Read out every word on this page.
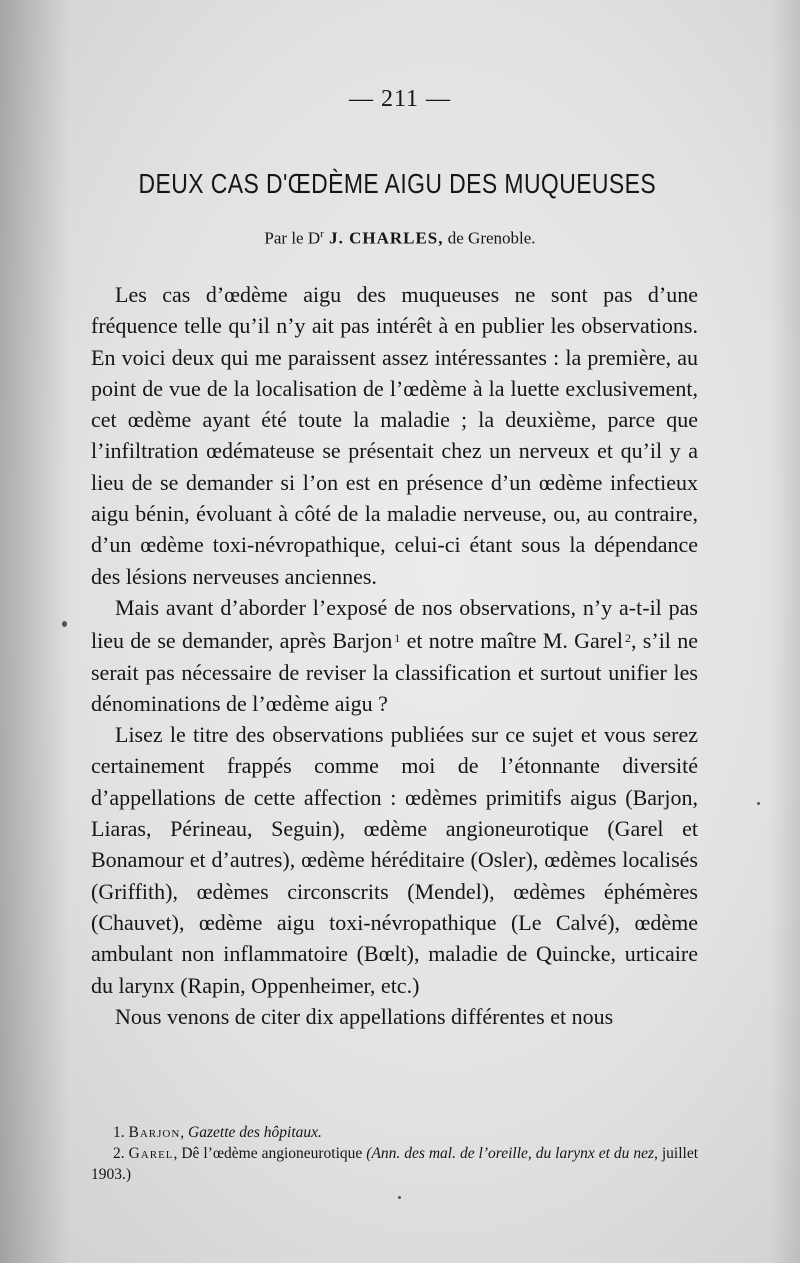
— 211 —
DEUX CAS D'ŒDÈME AIGU DES MUQUEUSES
Par le $D^r$ J. CHARLES, de Grenoble.

Les cas d’œdème aigu des muqueuses ne sont pas d’une fréquence telle qu’il n’y ait pas intérêt à en publier les observations. En voici deux qui me paraissent assez intéressantes : la première, au point de vue de la localisation de l’œdème à la luette exclusivement, cet œdème ayant été toute la maladie ; la deuxième, parce que l’infiltration œdémateuse se présentait chez un nerveux et qu’il y a lieu de se demander si l’on est en présence d’un œdème infectieux aigu bénin, évoluant à côté de la maladie nerveuse, ou, au contraire, d’un œdème toxi-névropathique, celui-ci étant sous la dépendance des lésions nerveuses anciennes.

Mais avant d’aborder l’exposé de nos observations, n’y a-t-il pas lieu de se demander, après Barjon $^1$ et notre maître M. Garel $^2$, s’il ne serait pas nécessaire de reviser la classification et surtout unifier les dénominations de l’œdème aigu ?

Lisez le titre des observations publiées sur ce sujet et vous serez certainement frappés comme moi de l’étonnante diversité d’appellations de cette affection : œdèmes primitifs aigus (Barjon, Liaras, Périneau, Seguin), œdème angioneurotique (Garel et Bonamour et d’autres), œdème héréditaire (Osler), œdèmes localisés (Griffith), œdèmes circonscrits (Mendel), œdèmes éphémères (Chauvet), œdème aigu toxi-névropathique (Le Calvé), œdème ambulant non inflammatoire (Bœlt), maladie de Quincke, urticaire du larynx (Rapin, Oppenheimer, etc.)

Nous venons de citer dix appellations différentes et nous

1. Barjon, Gazette des hôpitaux.

2. Garel, Dê l’œdème angioneurotique (Ann. des mal. de l’oreille, du larynx et du nez, juillet 1903.)
